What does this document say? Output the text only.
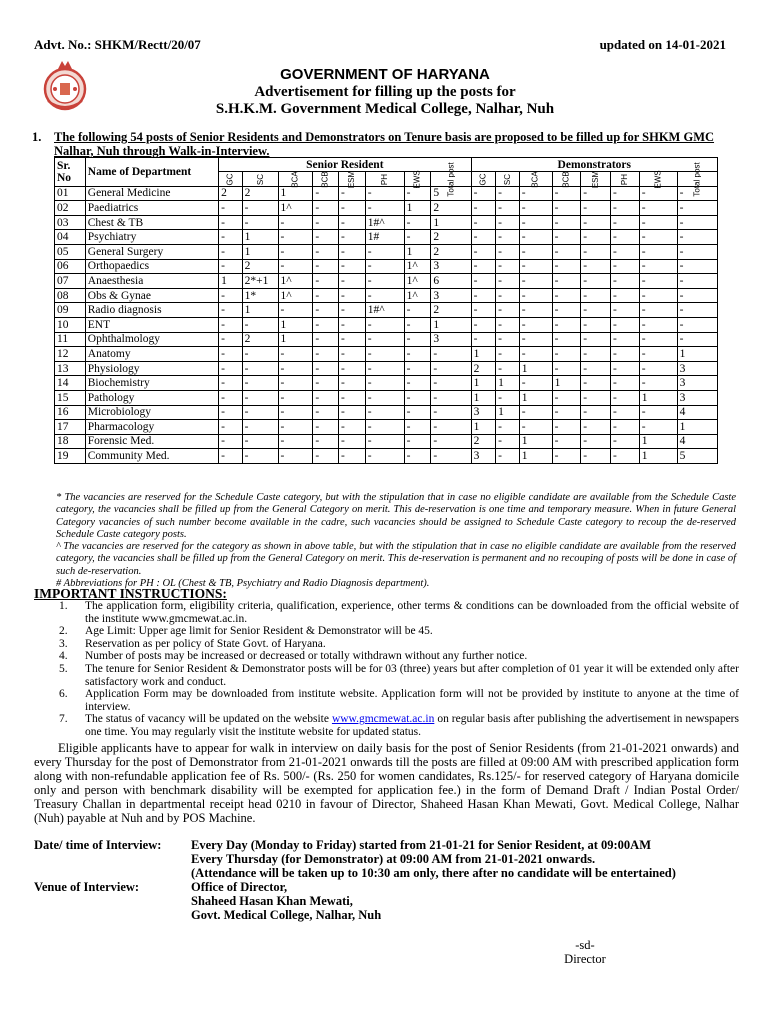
Advt. No.: SHKM/Rectt/20/07	updated on 14-01-2021
GOVERNMENT OF HARYANA
Advertisement for filling up the posts for
S.H.K.M. Government Medical College, Nalhar, Nuh
1. The following 54 posts of Senior Residents and Demonstrators on Tenure basis are proposed to be filled up for SHKM GMC Nalhar, Nuh through Walk-in-Interview.
Sr. No	Name of Department	Senior Resident								Demonstrators							
		GC	SC	BCA	BCB	ESM	PH	EWS	Total post	GC	SC	BCA	BCB	ESM	PH	EWS	Total post
01	General Medicine	2	2	1	-	-	-	-	5	-	-	-	-	-	-	-	-
02	Paediatrics	-	-	1^	-	-	-	1	2	-	-	-	-	-	-	-	-
03	Chest & TB	-	-	-	-	-	1#^	-	1	-	-	-	-	-	-	-	-
04	Psychiatry	-	1	-	-	-	1#	-	2	-	-	-	-	-	-	-	-
05	General Surgery	-	1	-	-	-	-	1	2	-	-	-	-	-	-	-	-
06	Orthopaedics	-	2	-	-	-	-	1^	3	-	-	-	-	-	-	-	-
07	Anaesthesia	1	2*+1	1^	-	-	-	1^	6	-	-	-	-	-	-	-	-
08	Obs & Gynae	-	1*	1^	-	-	-	1^	3	-	-	-	-	-	-	-	-
09	Radio diagnosis	-	1	-	-	-	1#^	-	2	-	-	-	-	-	-	-	-
10	ENT	-	-	1	-	-	-	-	1	-	-	-	-	-	-	-	-
11	Ophthalmology	-	2	1	-	-	-	-	3	-	-	-	-	-	-	-	-
12	Anatomy	-	-	-	-	-	-	-	-	1	-	-	-	-	-	-	1
13	Physiology	-	-	-	-	-	-	-	-	2	-	1	-	-	-	-	3
14	Biochemistry	-	-	-	-	-	-	-	-	1	1	-	1	-	-	-	3
15	Pathology	-	-	-	-	-	-	-	-	1	-	1	-	-	-	1	3
16	Microbiology	-	-	-	-	-	-	-	-	3	1	-	-	-	-	-	4
17	Pharmacology	-	-	-	-	-	-	-	-	1	-	-	-	-	-	-	1
18	Forensic Med.	-	-	-	-	-	-	-	-	2	-	1	-	-	-	1	4
19	Community Med.	-	-	-	-	-	-	-	-	3	-	1	-	-	-	1	5
* The vacancies are reserved for the Schedule Caste category, but with the stipulation that in case no eligible candidate are available from the Schedule Caste category, the vacancies shall be filled up from the General Category on merit. This de-reservation is one time and temporary measure. When in future General Category vacancies of such number become available in the cadre, such vacancies should be assigned to Schedule Caste category to recoup the de-reserved Schedule Caste category posts.
^ The vacancies are reserved for the category as shown in above table, but with the stipulation that in case no eligible candidate are available from the reserved category, the vacancies shall be filled up from the General Category on merit. This de-reservation is permanent and no recouping of posts will be done in case of such de-reservation.
# Abbreviations for PH : OL (Chest & TB, Psychiatry and Radio Diagnosis department).
IMPORTANT INSTRUCTIONS:
1. The application form, eligibility criteria, qualification, experience, other terms & conditions can be downloaded from the official website of the institute www.gmcmewat.ac.in.
2. Age Limit: Upper age limit for Senior Resident & Demonstrator will be 45.
3. Reservation as per policy of State Govt. of Haryana.
4. Number of posts may be increased or decreased or totally withdrawn without any further notice.
5. The tenure for Senior Resident & Demonstrator posts will be for 03 (three) years but after completion of 01 year it will be extended only after satisfactory work and conduct.
6. Application Form may be downloaded from institute website. Application form will not be provided by institute to anyone at the time of interview.
7. The status of vacancy will be updated on the website www.gmcmewat.ac.in on regular basis after publishing the advertisement in newspapers one time. You may regularly visit the institute website for updated status.
Eligible applicants have to appear for walk in interview on daily basis for the post of Senior Residents (from 21-01-2021 onwards) and every Thursday for the post of Demonstrator from 21-01-2021 onwards till the posts are filled at 09:00 AM with prescribed application form along with non-refundable application fee of Rs. 500/- (Rs. 250 for women candidates, Rs.125/- for reserved category of Haryana domicile only and person with benchmark disability will be exempted for application fee.) in the form of Demand Draft / Indian Postal Order/ Treasury Challan in departmental receipt head 0210 in favour of Director, Shaheed Hasan Khan Mewati, Govt. Medical College, Nalhar (Nuh) payable at Nuh and by POS Machine.
Date/ time of Interview: Every Day (Monday to Friday) started from 21-01-21 for Senior Resident, at 09:00AM
Every Thursday (for Demonstrator) at 09:00 AM from 21-01-2021 onwards.
(Attendance will be taken up to 10:30 am only, there after no candidate will be entertained)
Venue of Interview:	Office of Director,
Shaheed Hasan Khan Mewati,
Govt. Medical College, Nalhar, Nuh
-sd-
Director
